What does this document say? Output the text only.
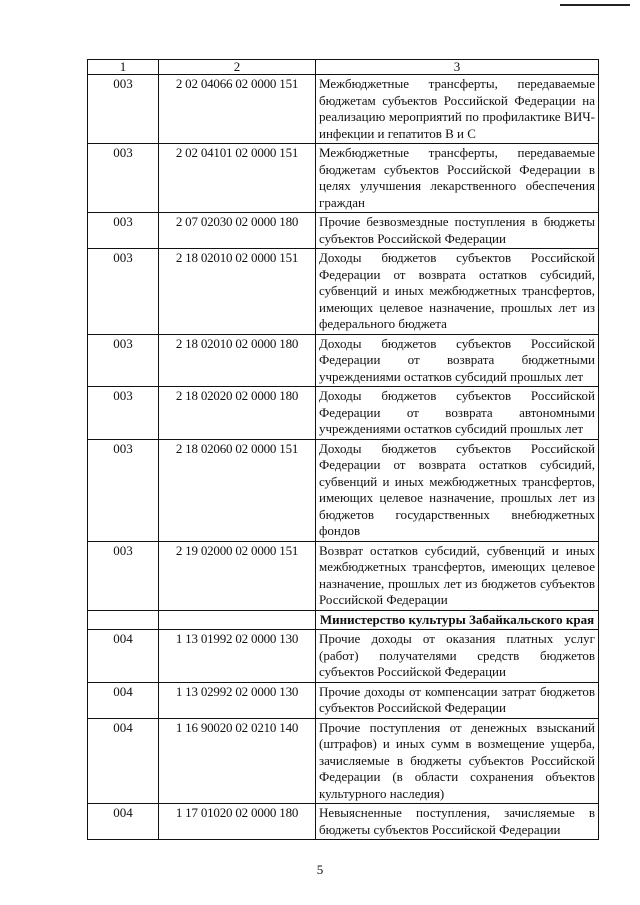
1	2	3
003	2 02 04066 02 0000 151	Межбюджетные трансферты, передаваемые бюджетам субъектов Российской Федерации на реализацию мероприятий по профилактике ВИЧ-инфекции и гепатитов В и С
003	2 02 04101 02 0000 151	Межбюджетные трансферты, передаваемые бюджетам субъектов Российской Федерации в целях улучшения лекарственного обеспечения граждан
003	2 07 02030 02 0000 180	Прочие безвозмездные поступления в бюджеты субъектов Российской Федерации
003	2 18 02010 02 0000 151	Доходы бюджетов субъектов Российской Федерации от возврата остатков субсидий, субвенций и иных межбюджетных трансфертов, имеющих целевое назначение, прошлых лет из федерального бюджета
003	2 18 02010 02 0000 180	Доходы бюджетов субъектов Российской Федерации от возврата бюджетными учреждениями остатков субсидий прошлых лет
003	2 18 02020 02 0000 180	Доходы бюджетов субъектов Российской Федерации от возврата автономными учреждениями остатков субсидий прошлых лет
003	2 18 02060 02 0000 151	Доходы бюджетов субъектов Российской Федерации от возврата остатков субсидий, субвенций и иных межбюджетных трансфертов, имеющих целевое назначение, прошлых лет из бюджетов государственных внебюджетных фондов
003	2 19 02000 02 0000 151	Возврат остатков субсидий, субвенций и иных межбюджетных трансфертов, имеющих целевое назначение, прошлых лет из бюджетов субъектов Российской Федерации
		Министерство культуры Забайкальского края
004	1 13 01992 02 0000 130	Прочие доходы от оказания платных услуг (работ) получателями средств бюджетов субъектов Российской Федерации
004	1 13 02992 02 0000 130	Прочие доходы от компенсации затрат бюджетов субъектов Российской Федерации
004	1 16 90020 02 0210 140	Прочие поступления от денежных взысканий (штрафов) и иных сумм в возмещение ущерба, зачисляемые в бюджеты субъектов Российской Федерации (в области сохранения объектов культурного наследия)
004	1 17 01020 02 0000 180	Невыясненные поступления, зачисляемые в бюджеты субъектов Российской Федерации
5
